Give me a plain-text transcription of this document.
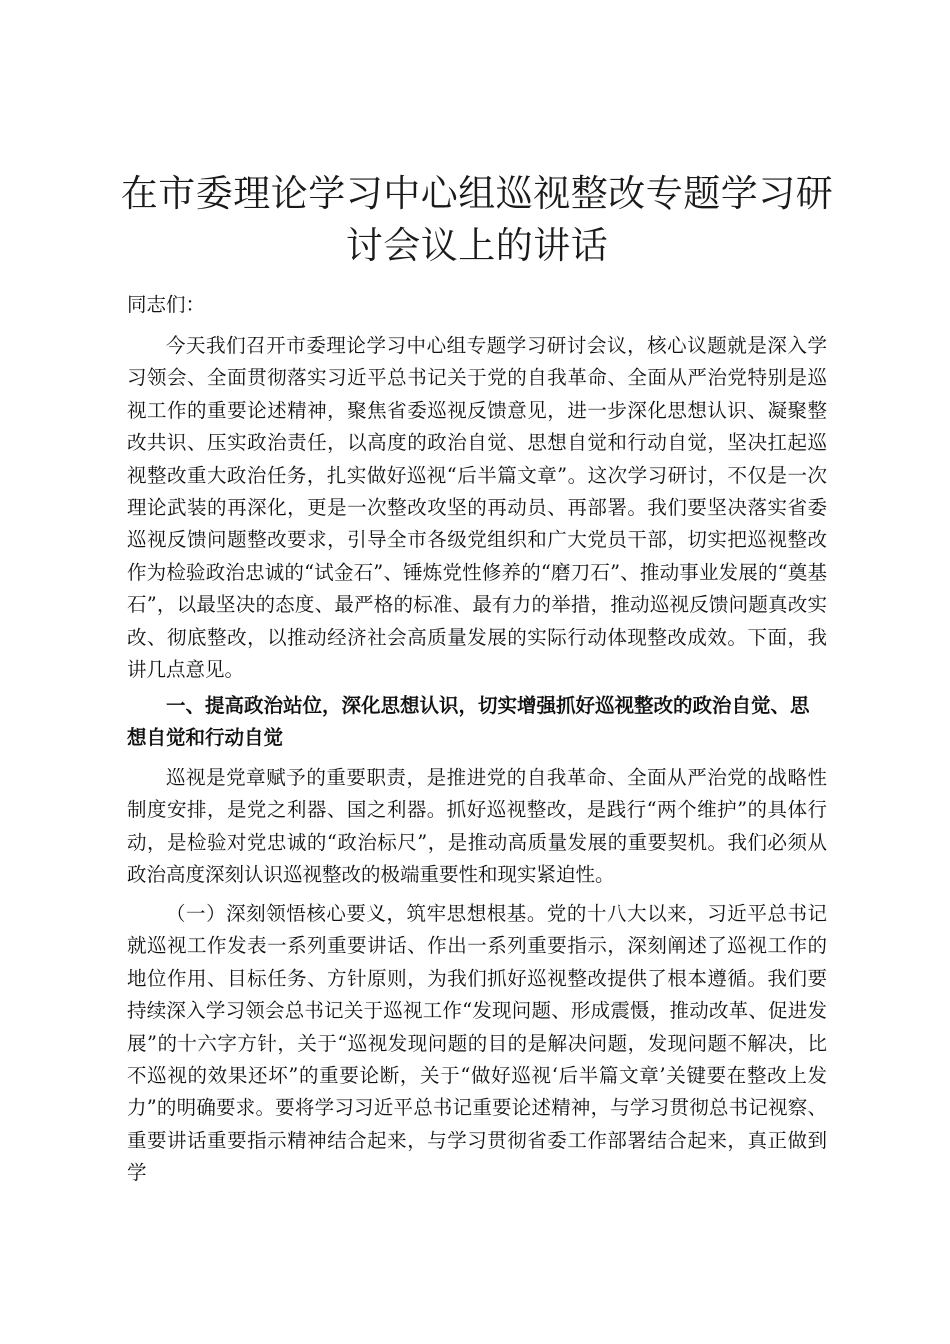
在市委理论学习中心组巡视整改专题学习研讨会议上的讲话

同志们：

今天我们召开市委理论学习中心组专题学习研讨会议，核心议题就是深入学习领会、全面贯彻落实习近平总书记关于党的自我革命、全面从严治党特别是巡视工作的重要论述精神，聚焦省委巡视反馈意见，进一步深化思想认识、凝聚整改共识、压实政治责任，以高度的政治自觉、思想自觉和行动自觉，坚决扛起巡视整改重大政治任务，扎实做好巡视“后半篇文章”。这次学习研讨，不仅是一次理论武装的再深化，更是一次整改攻坚的再动员、再部署。我们要坚决落实省委巡视反馈问题整改要求，引导全市各级党组织和广大党员干部，切实把巡视整改作为检验政治忠诚的“试金石”、锤炼党性修养的“磨刀石”、推动事业发展的“奠基石”，以最坚决的态度、最严格的标准、最有力的举措，推动巡视反馈问题真改实改、彻底整改，以推动经济社会高质量发展的实际行动体现整改成效。下面，我讲几点意见。

一、提高政治站位，深化思想认识，切实增强抓好巡视整改的政治自觉、思想自觉和行动自觉

巡视是党章赋予的重要职责，是推进党的自我革命、全面从严治党的战略性制度安排，是党之利器、国之利器。抓好巡视整改，是践行“两个维护”的具体行动，是检验对党忠诚的“政治标尺”，是推动高质量发展的重要契机。我们必须从政治高度深刻认识巡视整改的极端重要性和现实紧迫性。

（一）深刻领悟核心要义，筑牢思想根基。党的十八大以来，习近平总书记就巡视工作发表一系列重要讲话、作出一系列重要指示，深刻阐述了巡视工作的地位作用、目标任务、方针原则，为我们抓好巡视整改提供了根本遵循。我们要持续深入学习领会总书记关于巡视工作“发现问题、形成震慑，推动改革、促进发展”的十六字方针，关于“巡视发现问题的目的是解决问题，发现问题不解决，比不巡视的效果还坏”的重要论断，关于“做好巡视‘后半篇文章’关键要在整改上发力”的明确要求。要将学习习近平总书记重要论述精神，与学习贯彻总书记视察、重要讲话重要指示精神结合起来，与学习贯彻省委工作部署结合起来，真正做到学
